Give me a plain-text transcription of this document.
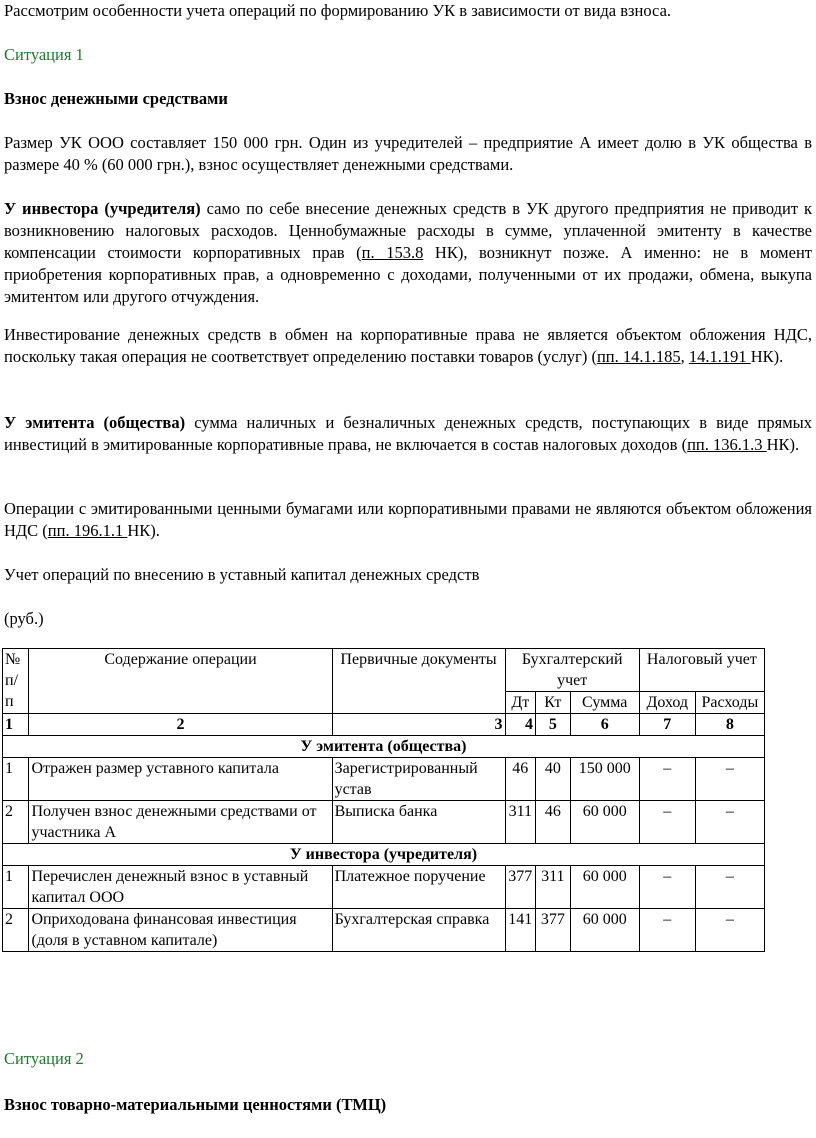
Рассмотрим особенности учета операций по формированию УК в зависимости от вида взноса.

Ситуация 1

Взнос денежными средствами

Размер УК ООО составляет 150 000 грн. Один из учредителей – предприятие А имеет долю в УК общества в размере 40 % (60 000 грн.), взнос осуществляет денежными средствами.

У инвестора (учредителя) само по себе внесение денежных средств в УК другого предприятия не приводит к возникновению налоговых расходов. Ценнобумажные расходы в сумме, уплаченной эмитенту в качестве компенсации стоимости корпоративных прав (п. 153.8 НК), возникнут позже. А именно: не в момент приобретения корпоративных прав, а одновременно с доходами, полученными от их продажи, обмена, выкупа эмитентом или другого отчуждения.

Инвестирование денежных средств в обмен на корпоративные права не является объектом обложения НДС, поскольку такая операция не соответствует определению поставки товаров (услуг) (пп. 14.1.185, 14.1.191 НК).

У эмитента (общества) сумма наличных и безналичных денежных средств, поступающих в виде прямых инвестиций в эмитированные корпоративные права, не включается в состав налоговых доходов (пп. 136.1.3 НК).

Операции с эмитированными ценными бумагами или корпоративными правами не являются объектом обложения НДС (пп. 196.1.1 НК).

Учет операций по внесению в уставный капитал денежных средств

(руб.)

№ п/п	Содержание операции	Первичные документы	Бухгалтерский учет			Налоговый учет	
			Дт	Кт	Сумма	Доход	Расходы
1	2	3	4	5	6	7	8
У эмитента (общества)							
1	Отражен размер уставного капитала	Зарегистрированный устав	46	40	150 000	–	–
2	Получен взнос денежными средствами от участника А	Выписка банка	311	46	60 000	–	–
У инвестора (учредителя)							
1	Перечислен денежный взнос в уставный капитал ООО	Платежное поручение	377	311	60 000	–	–
2	Оприходована финансовая инвестиция (доля в уставном капитале)	Бухгалтерская справка	141	377	60 000	–	–

Ситуация 2

Взнос товарно-материальными ценностями (ТМЦ)
